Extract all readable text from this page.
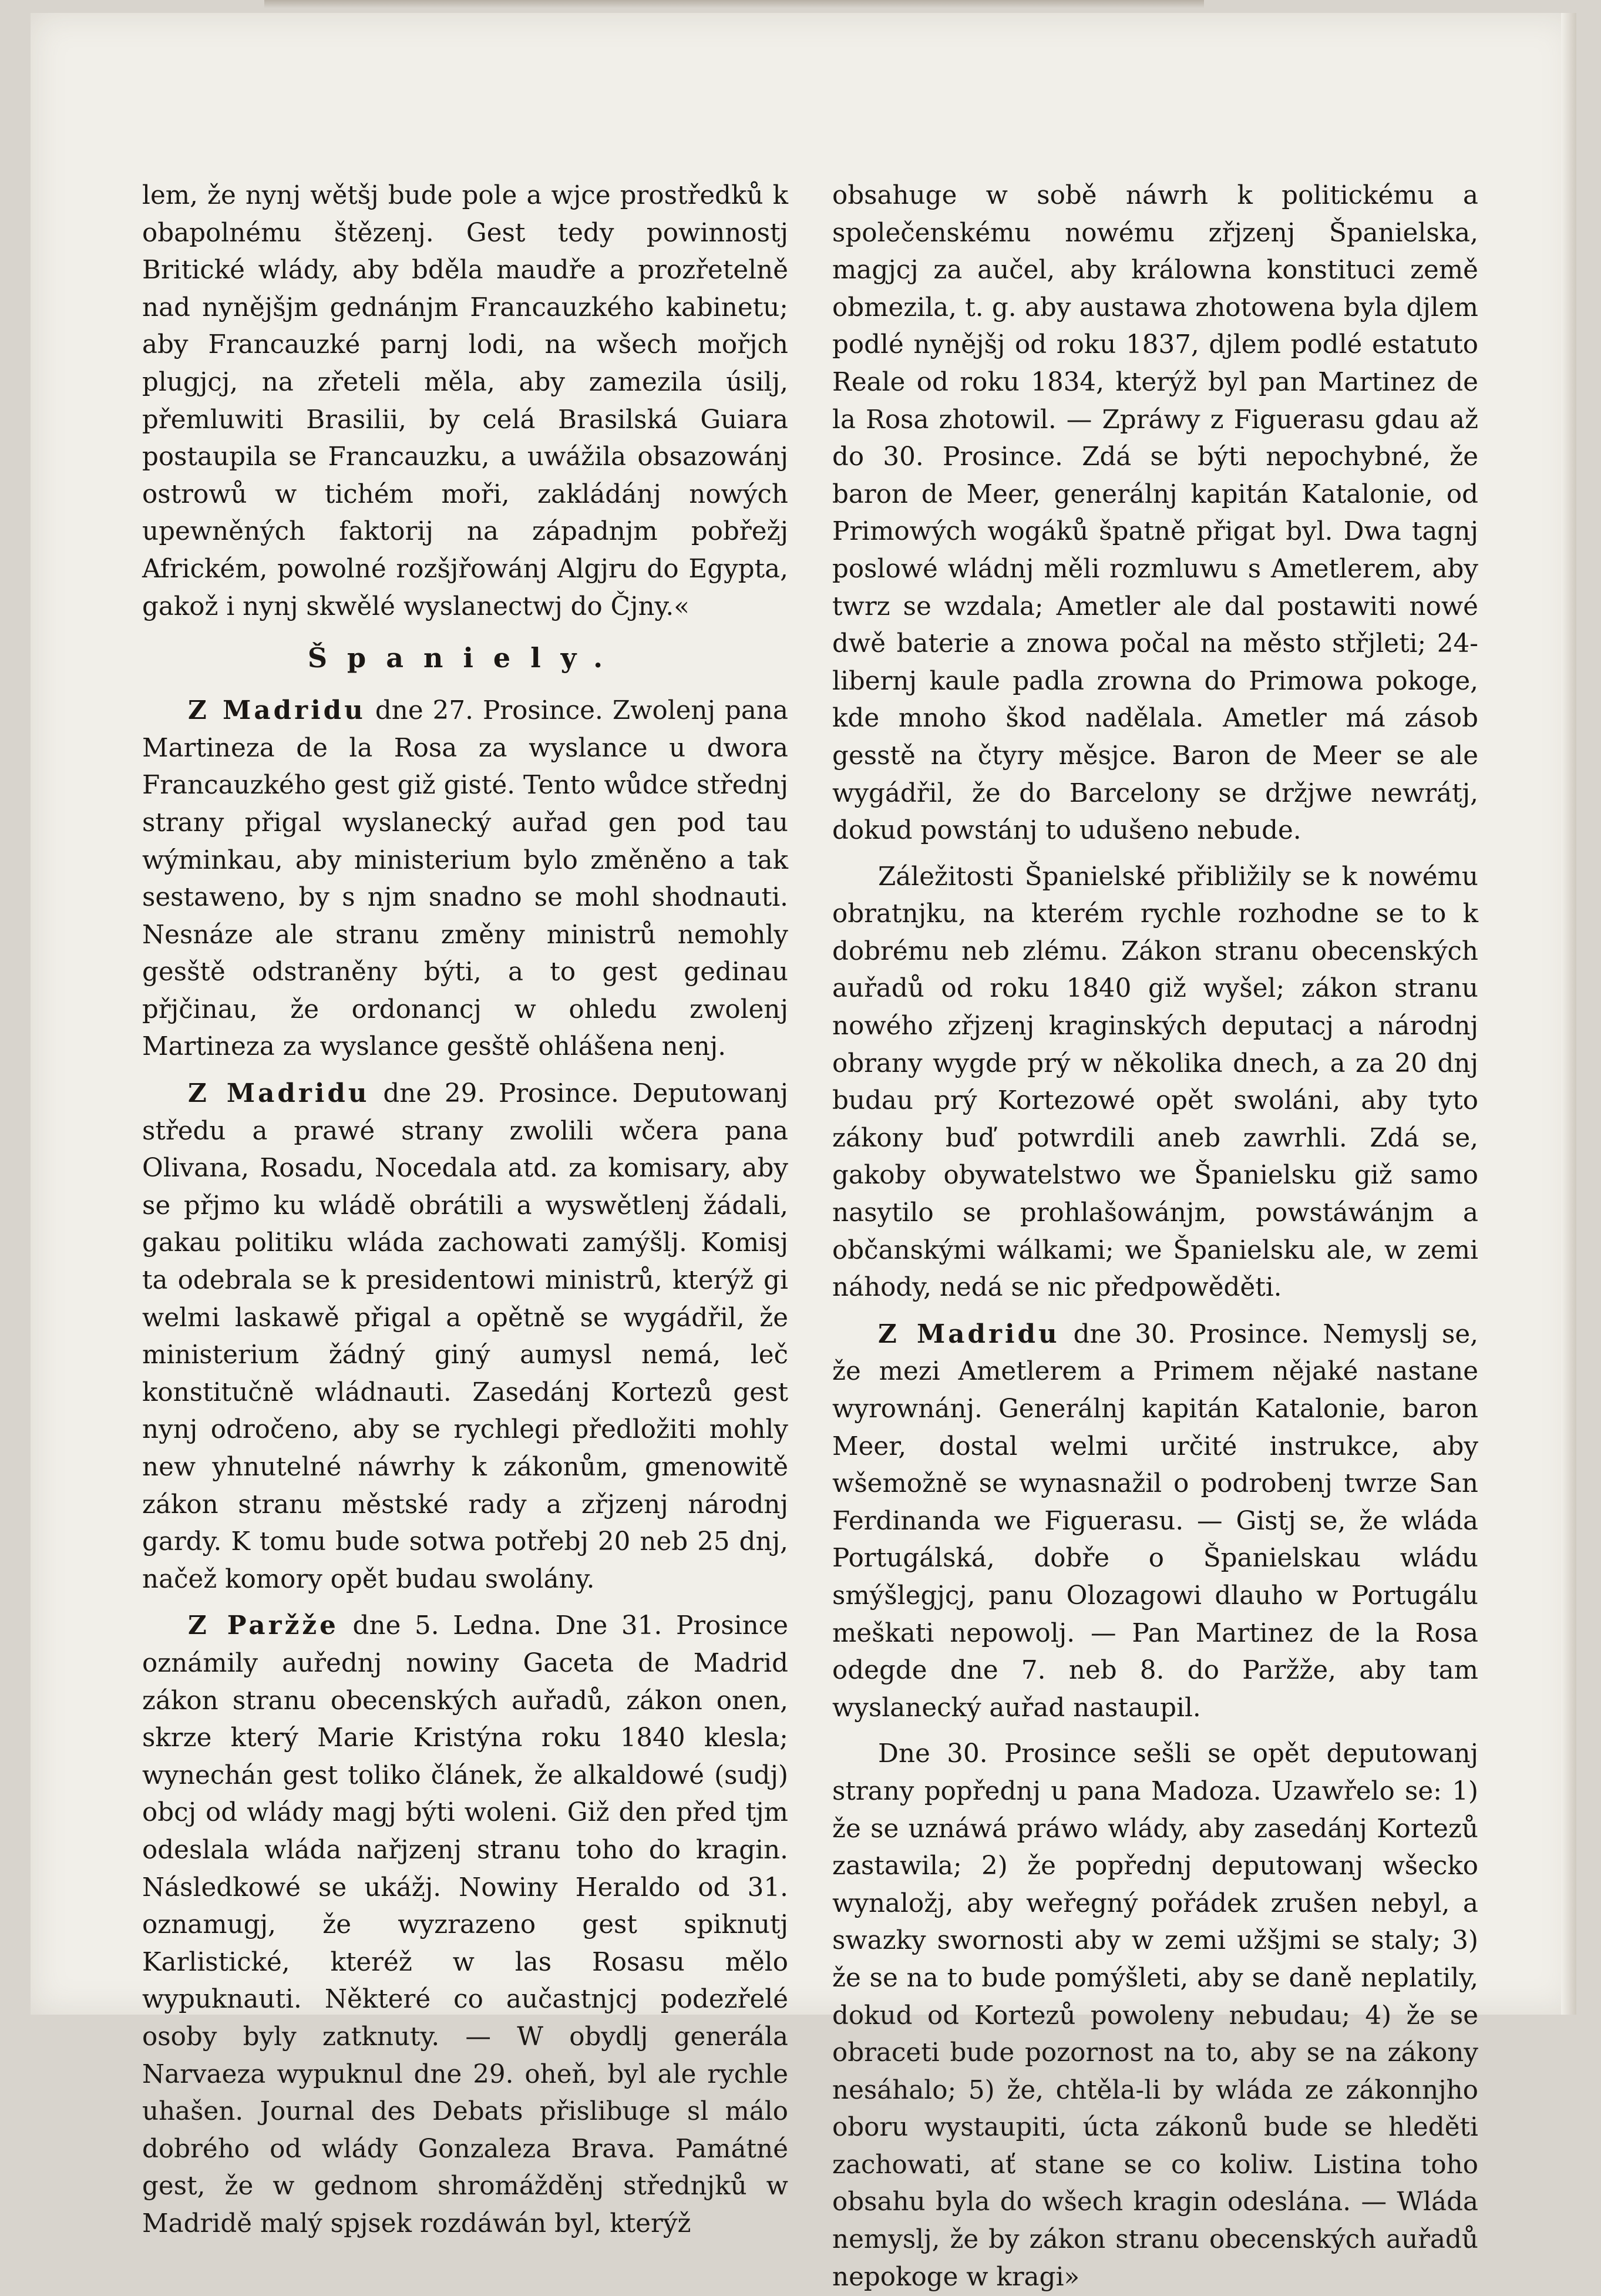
lem, že nynj wětšj bude pole a wjce prostředků k obapolnému štězenj. Gest tedy powinnostj Britické wlády, aby bděla maudře a prozřetelně nad nynějšjm gednánjm Francauzkého kabinetu; aby Francauzké parnj lodi, na wšech mořjch plugjcj, na zřeteli měla, aby zamezila úsilj, přemluwiti Brasilii, by celá Brasilská Guiara postaupila se Francauzku, a uwážila obsazowánj ostrowů w tichém moři, zakládánj nowých upewněných faktorij na západnjm pobřežj Africkém, powolné rozšjřowánj Algjru do Egypta, gakož i nynj skwělé wyslanectwj do Čjny.«

Španiely.

Z Madridu dne 27. Prosince. Zwolenj pana Martineza de la Rosa za wyslance u dwora Francauzkého gest giž gisté. Tento wůdce střednj strany přigal wyslanecký auřad gen pod tau wýminkau, aby ministerium bylo změněno a tak sestaweno, by s njm snadno se mohl shodnauti. Nesnáze ale stranu změny ministrů nemohly gesště odstraněny býti, a to gest gedinau přjčinau, že ordonancj w ohledu zwolenj Martineza za wyslance gesště ohlášena nenj.

Z Madridu dne 29. Prosince. Deputowanj středu a prawé strany zwolili wčera pana Olivana, Rosadu, Nocedala atd. za komisary, aby se přjmo ku wládě obrátili a wyswětlenj žádali, gakau politiku wláda zachowati zamýšlj. Komisj ta odebrala se k presidentowi ministrů, kterýž gi welmi laskawě přigal a opětně se wygádřil, že ministerium žádný giný aumysl nemá, leč konstitučně wládnauti. Zasedánj Kortezů gest nynj odročeno, aby se rychlegi předložiti mohly new yhnutelné náwrhy k zákonům, gmenowitě zákon stranu městské rady a zřjzenj národnj gardy. K tomu bude sotwa potřebj 20 neb 25 dnj, načež komory opět budau swolány.

Z Paržže dne 5. Ledna. Dne 31. Prosince oznámily auřednj nowiny Gaceta de Madrid zákon stranu obecenských auřadů, zákon onen, skrze který Marie Kristýna roku 1840 klesla; wynechán gest toliko článek, že alkaldowé (sudj) obcj od wlády magj býti woleni. Giž den před tjm odeslala wláda nařjzenj stranu toho do kragin. Následkowé se ukážj. Nowiny Heraldo od 31. oznamugj, že wyzrazeno gest spiknutj Karlistické, kteréž w las Rosasu mělo wypuknauti. Některé co aučastnjcj podezřelé osoby byly zatknuty. — W obydlj generála Narvaeza wypuknul dne 29. oheň, byl ale rychle uhašen. Journal des Debats přislibuge sl málo dobrého od wlády Gonzaleza Brava. Památné gest, že w gednom shromážděnj střednjků w Madridě malý spjsek rozdáwán byl, kterýž

obsahuge w sobě náwrh k politickému a společenskému nowému zřjzenj Španielska, magjcj za aučel, aby králowna konstituci země obmezila, t. g. aby austawa zhotowena byla djlem podlé nynějšj od roku 1837, djlem podlé estatuto Reale od roku 1834, kterýž byl pan Martinez de la Rosa zhotowil. — Zpráwy z Figuerasu gdau až do 30. Prosince. Zdá se býti nepochybné, že baron de Meer, generálnj kapitán Katalonie, od Primowých wogáků špatně přigat byl. Dwa tagnj poslowé wládnj měli rozmluwu s Ametlerem, aby twrz se wzdala; Ametler ale dal postawiti nowé dwě baterie a znowa počal na město střjleti; 24-libernj kaule padla zrowna do Primowa pokoge, kde mnoho škod nadělala. Ametler má zásob gesstě na čtyry měsjce. Baron de Meer se ale wygádřil, že do Barcelony se držjwe newrátj, dokud powstánj to udušeno nebude.

Záležitosti Španielské přibližily se k nowému obratnjku, na kterém rychle rozhodne se to k dobrému neb zlému. Zákon stranu obecenských auřadů od roku 1840 giž wyšel; zákon stranu nowého zřjzenj kraginských deputacj a národnj obrany wygde prý w několika dnech, a za 20 dnj budau prý Kortezowé opět swoláni, aby tyto zákony buď potwrdili aneb zawrhli. Zdá se, gakoby obywatelstwo we Španielsku giž samo nasytilo se prohlašowánjm, powstáwánjm a občanskými wálkami; we Španielsku ale, w zemi náhody, nedá se nic předpowěděti.

Z Madridu dne 30. Prosince. Nemyslj se, že mezi Ametlerem a Primem nějaké nastane wyrownánj. Generálnj kapitán Katalonie, baron Meer, dostal welmi určité instrukce, aby wšemožně se wynasnažil o podrobenj twrze San Ferdinanda we Figuerasu. — Gistj se, že wláda Portugálská, dobře o Španielskau wládu smýšlegjcj, panu Olozagowi dlauho w Portugálu meškati nepowolj. — Pan Martinez de la Rosa odegde dne 7. neb 8. do Paržže, aby tam wyslanecký auřad nastaupil.

Dne 30. Prosince sešli se opět deputowanj strany popřednj u pana Madoza. Uzawřelo se: 1) že se uznáwá práwo wlády, aby zasedánj Kortezů zastawila; 2) že popřednj deputowanj wšecko wynaložj, aby weřegný pořádek zrušen nebyl, a swazky swornosti aby w zemi užšjmi se staly; 3) že se na to bude pomýšleti, aby se daně neplatily, dokud od Kortezů powoleny nebudau; 4) že se obraceti bude pozornost na to, aby se na zákony nesáhalo; 5) že, chtěla-li by wláda ze zákonnjho oboru wystaupiti, úcta zákonů bude se hleděti zachowati, ať stane se co koliw. Listina toho obsahu byla do wšech kragin odeslána. — Wláda nemyslj, že by zákon stranu obecenských auřadů nepokoge w kragi»
